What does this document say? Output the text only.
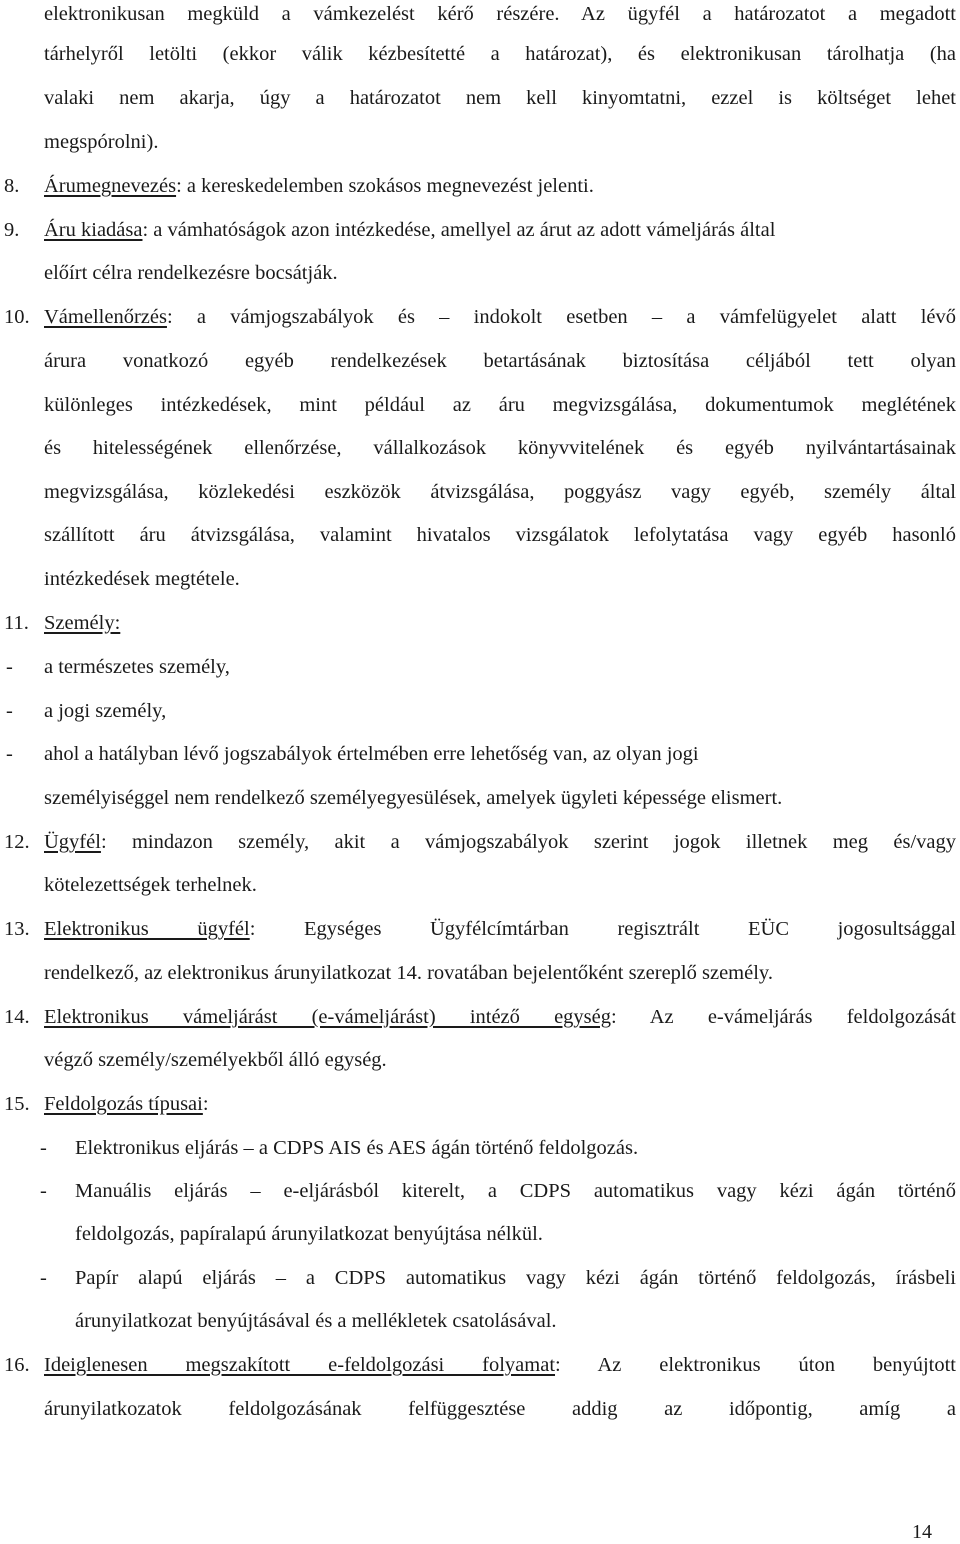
elektronikusan megküld a vámkezelést kérő részére. Az ügyfél a határozatot a megadott
tárhelyről letölti (ekkor válik kézbesítetté a határozat), és elektronikusan tárolhatja (ha
valaki nem akarja, úgy a határozatot nem kell kinyomtatni, ezzel is költséget lehet
megspórolni).
8. Árumegnevezés: a kereskedelemben szokásos megnevezést jelenti.
9. Áru kiadása: a vámhatóságok azon intézkedése, amellyel az árut az adott vámeljárás által
előírt célra rendelkezésre bocsátják.
10. Vámellenőrzés: a vámjogszabályok és – indokolt esetben – a vámfelügyelet alatt lévő
árura vonatkozó egyéb rendelkezések betartásának biztosítása céljából tett olyan
különleges intézkedések, mint például az áru megvizsgálása, dokumentumok meglétének
és hitelességének ellenőrzése, vállalkozások könyvvitelének és egyéb nyilvántartásainak
megvizsgálása, közlekedési eszközök átvizsgálása, poggyász vagy egyéb, személy által
szállított áru átvizsgálása, valamint hivatalos vizsgálatok lefolytatása vagy egyéb hasonló
intézkedések megtétele.
11. Személy:
- a természetes személy,
- a jogi személy,
- ahol a hatályban lévő jogszabályok értelmében erre lehetőség van, az olyan jogi
személyiséggel nem rendelkező személyegyesülések, amelyek ügyleti képessége elismert.
12. Ügyfél: mindazon személy, akit a vámjogszabályok szerint jogok illetnek meg és/vagy
kötelezettségek terhelnek.
13. Elektronikus ügyfél: Egységes Ügyfélcímtárban regisztrált EÜC jogosultsággal
rendelkező, az elektronikus árunyilatkozat 14. rovatában bejelentőként szereplő személy.
14. Elektronikus vámeljárást (e-vámeljárást) intéző egység: Az e-vámeljárás feldolgozását
végző személy/személyekből álló egység.
15. Feldolgozás típusai:
- Elektronikus eljárás – a CDPS AIS és AES ágán történő feldolgozás.
- Manuális eljárás – e-eljárásból kiterelt, a CDPS automatikus vagy kézi ágán történő
feldolgozás, papíralapú árunyilatkozat benyújtása nélkül.
- Papír alapú eljárás – a CDPS automatikus vagy kézi ágán történő feldolgozás, írásbeli
árunyilatkozat benyújtásával és a mellékletek csatolásával.
16. Ideiglenesen megszakított e-feldolgozási folyamat: Az elektronikus úton benyújtott
árunyilatkozatok feldolgozásának felfüggesztése addig az időpontig, amíg a
14
